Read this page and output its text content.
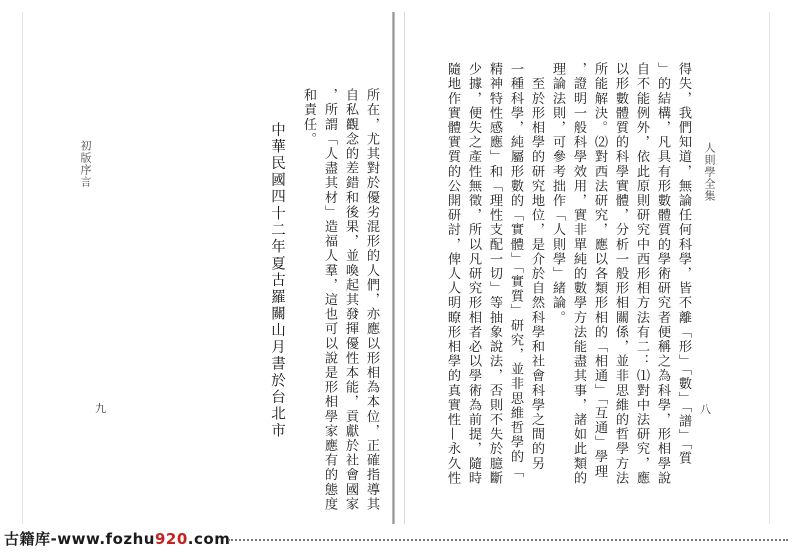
人則學全集
八
得失，我們知道，無論任何科學，皆不離「形」「數」「譜」「質
」的結構，凡具有形數體質的學術研究者便稱之為科學，形相學說
自不能例外，依此原則研究中西形相方法有二：⑴對中法研究，應
以形數體質的科學實體，分析一般形相關係，並非思維的哲學方法
所能解決。⑵對西法研究，應以各類形相的「相通」「互通」學理
，證明一般科學效用，實非單純的數學方法能盡其事，諸如此類的
理論法則，可參考拙作「人則學」緒論。
　至於形相學的研究地位，是介於自然科學和社會科學之間的另
一種科學，純屬形數的「實體」「實質」研究，並非思維哲學的「
精神特性感應」和「理性支配一切」等抽象說法，否則不失於臆斷
少據，便失之產性無徵，所以凡研究形相者必以學術為前提，隨時
隨地作實體實質的公開研討，俾人人明瞭形相學的真實性—永久性
初版序言
九	所在，尤其對於優劣混形的人們，亦應以形相為本位，正確指導其
自私觀念的差錯和後果，並喚起其發揮優性本能，貢獻於社會國家
，所謂「人盡其材」造福人羣，這也可以說是形相學家應有的態度
和責任。
中華民國四十二年夏古羅關山月書於台北市
古籍库-www.fozhu920.com
